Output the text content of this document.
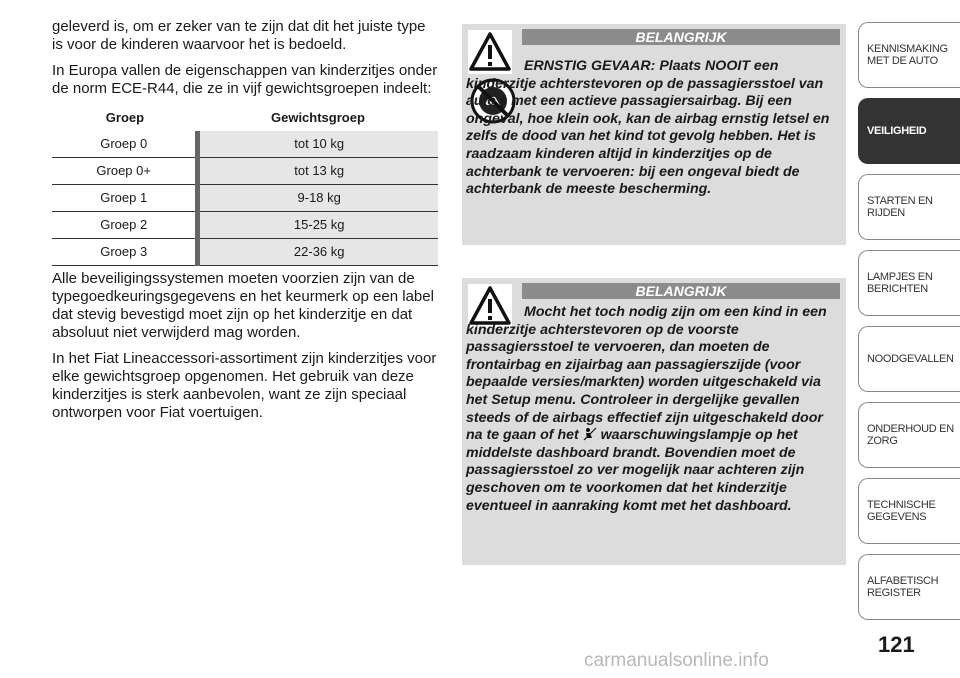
geleverd is, om er zeker van te zijn dat dit het juiste type is voor de kinderen waarvoor het is bedoeld.

In Europa vallen de eigenschappen van kinderzitjes onder de norm ECE-R44, die ze in vijf gewichtsgroepen indeelt:

Groep	Gewichtsgroep
Groep 0	tot 10 kg
Groep 0+	tot 13 kg
Groep 1	9-18 kg
Groep 2	15-25 kg
Groep 3	22-36 kg

Alle beveiligingssystemen moeten voorzien zijn van de typegoedkeuringsgegevens en het keurmerk op een label dat stevig bevestigd moet zijn op het kinderzitje en dat absoluut niet verwijderd mag worden.

In het Fiat Lineaccessori-assortiment zijn kinderzitjes voor elke gewichtsgroep opgenomen. Het gebruik van deze kinderzitjes is sterk aanbevolen, want ze zijn speciaal ontworpen voor Fiat voertuigen.

BELANGRIJK
ERNSTIG GEVAAR: Plaats NOOIT een kinderzitje achterstevoren op de passagiersstoel van auto's met een actieve passagiersairbag. Bij een ongeval, hoe klein ook, kan de airbag ernstig letsel en zelfs de dood van het kind tot gevolg hebben. Het is raadzaam kinderen altijd in kinderzitjes op de achterbank te vervoeren: bij een ongeval biedt de achterbank de meeste bescherming.
BELANGRIJK
Mocht het toch nodig zijn om een kind in een kinderzitje achterstevoren op de voorste passagiersstoel te vervoeren, dan moeten de frontairbag en zijairbag aan passagierszijde (voor bepaalde versies/markten) worden uitgeschakeld via het Setup menu. Controleer in dergelijke gevallen steeds of de airbags effectief zijn uitgeschakeld door na te gaan of het waarschuwingslampje op het middelste dashboard brandt. Bovendien moet de passagiersstoel zo ver mogelijk naar achteren zijn geschoven om te voorkomen dat het kinderzitje eventueel in aanraking komt met het dashboard.
KENNISMAKING MET DE AUTO
VEILIGHEID
STARTEN EN RIJDEN
LAMPJES EN BERICHTEN
NOODGEVALLEN
ONDERHOUD EN ZORG
TECHNISCHE GEGEVENS
ALFABETISCH REGISTER
121
carmanualsonline.info
